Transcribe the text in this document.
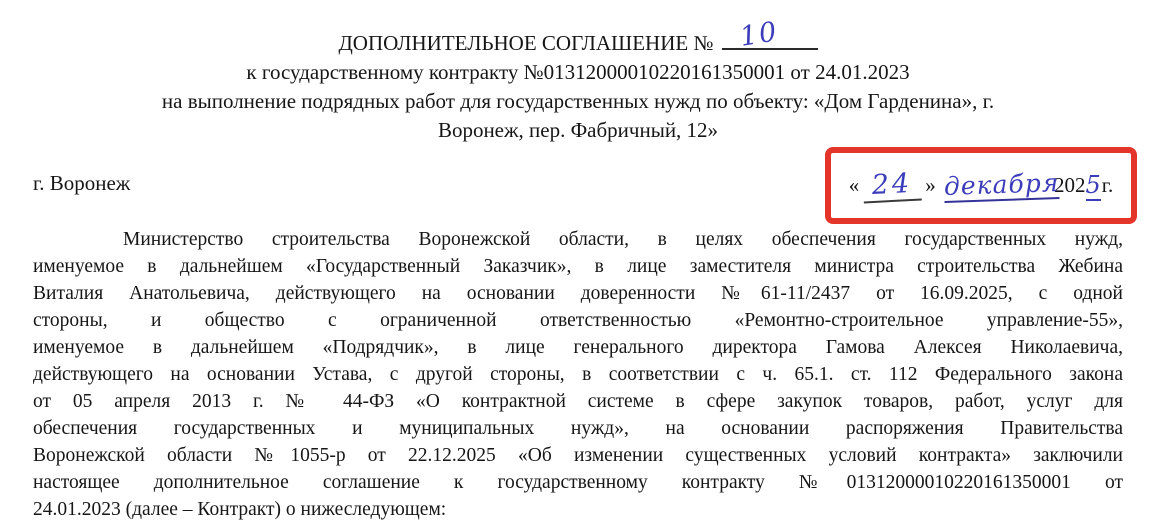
ДОПОЛНИТЕЛЬНОЕ СОГЛАШЕНИЕ № 10
к государственному контракту №01312000010220161350001 от 24.01.2023
на выполнение подрядных работ для государственных нужд по объекту: «Дом Гарденина», г.
Воронеж, пер. Фабричный, 12»
г. Воронеж	« 24 » декабря
202 5 г.
Министерство строительства Воронежской области, в целях обеспечения государственных нужд,
именуемое в дальнейшем «Государственный Заказчик», в лице заместителя министра строительства Жебина
Виталия Анатольевича, действующего на основании доверенности №61-11/2437 от 16.09.2025, с одной
стороны, и общество с ограниченной ответственностью «Ремонтно-строительное управление-55»,
именуемое в дальнейшем «Подрядчик», в лице генерального директора Гамова Алексея Николаевича,
действующего на основании Устава, с другой стороны, в соответствии с ч. 65.1. ст. 112 Федерального закона
от 05 апреля 2013 г. № 44-ФЗ «О контрактной системе в сфере закупок товаров, работ, услуг для
обеспечения государственных и муниципальных нужд», на основании распоряжения Правительства
Воронежской области №1055-р от 22.12.2025 «Об изменении существенных условий контракта» заключили
настоящее дополнительное соглашение к государственному контракту №01312000010220161350001 от
24.01.2023 (далее – Контракт) о нижеследующем:
